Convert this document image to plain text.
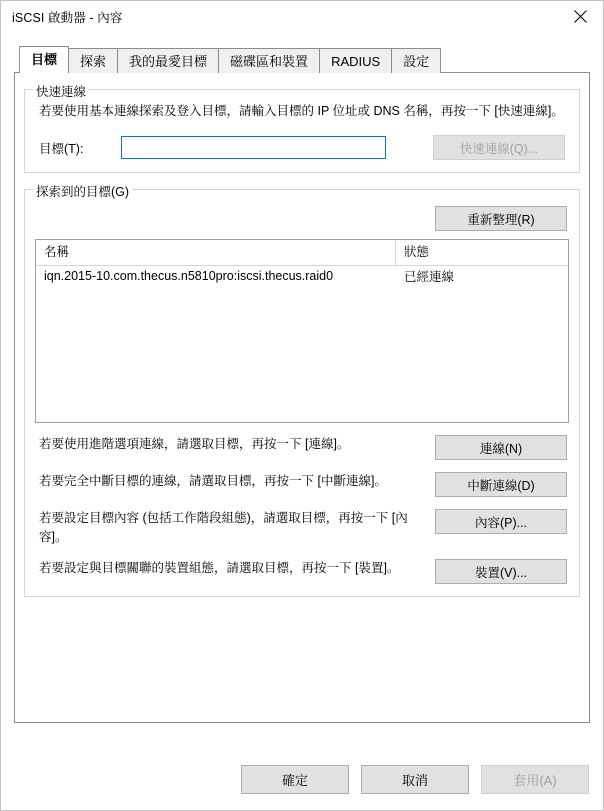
iSCSI 啟動器 - 內容
目標	探索	我的最愛目標	磁碟區和裝置	RADIUS	設定
快速連線
若要使用基本連線探索及登入目標，請輸入目標的 IP 位址或 DNS 名稱，再按一下 [快速連線]。
目標(T):	快速連線(Q)...
探索到的目標(G)
重新整理(R)
名稱	狀態
iqn.2015-10.com.thecus.n5810pro:iscsi.thecus.raid0	已經連線
若要使用進階選項連線，請選取目標，再按一下 [連線]。	連線(N)
若要完全中斷目標的連線，請選取目標，再按一下 [中斷連線]。	中斷連線(D)
若要設定目標內容 (包括工作階段組態)，請選取目標，再按一下 [內容]。
內容(P)...
若要設定與目標關聯的裝置組態，請選取目標，再按一下 [裝置]。	裝置(V)...
確定	取消	套用(A)
